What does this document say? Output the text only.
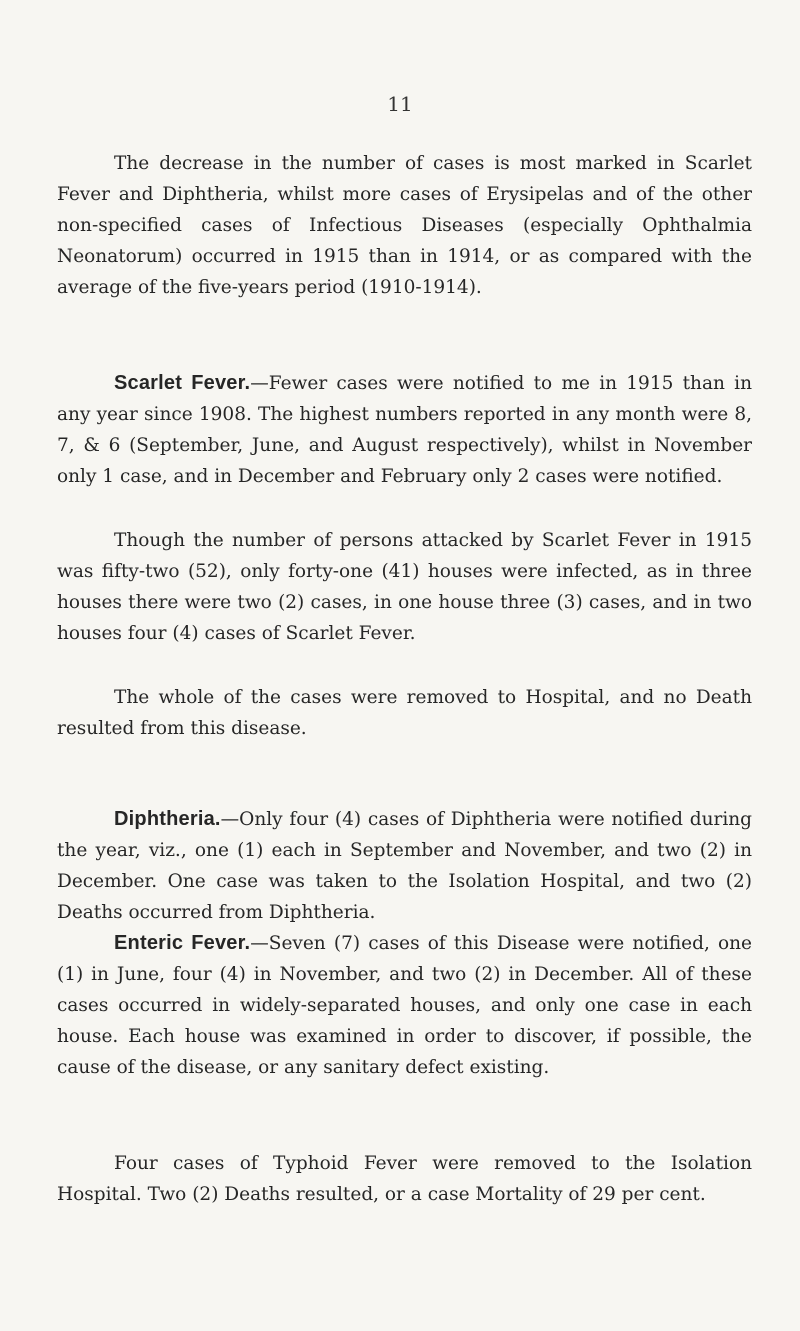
11

The decrease in the number of cases is most marked in Scarlet Fever and Diphtheria, whilst more cases of Erysipelas and of the other non-specified cases of Infectious Diseases (especially Ophthalmia Neonatorum) occurred in 1915 than in 1914, or as compared with the average of the five-years period (1910-1914).

Scarlet Fever.—Fewer cases were notified to me in 1915 than in any year since 1908. The highest numbers reported in any month were 8, 7, & 6 (September, June, and August respectively), whilst in November only 1 case, and in December and February only 2 cases were notified.

Though the number of persons attacked by Scarlet Fever in 1915 was fifty-two (52), only forty-one (41) houses were infected, as in three houses there were two (2) cases, in one house three (3) cases, and in two houses four (4) cases of Scarlet Fever.

The whole of the cases were removed to Hospital, and no Death resulted from this disease.

Diphtheria.—Only four (4) cases of Diphtheria were notified during the year, viz., one (1) each in September and November, and two (2) in December. One case was taken to the Isolation Hospital, and two (2) Deaths occurred from Diphtheria.

Enteric Fever.—Seven (7) cases of this Disease were notified, one (1) in June, four (4) in November, and two (2) in December. All of these cases occurred in widely-separated houses, and only one case in each house. Each house was examined in order to discover, if possible, the cause of the disease, or any sanitary defect existing.

Four cases of Typhoid Fever were removed to the Isolation Hospital. Two (2) Deaths resulted, or a case Mortality of 29 per cent.
